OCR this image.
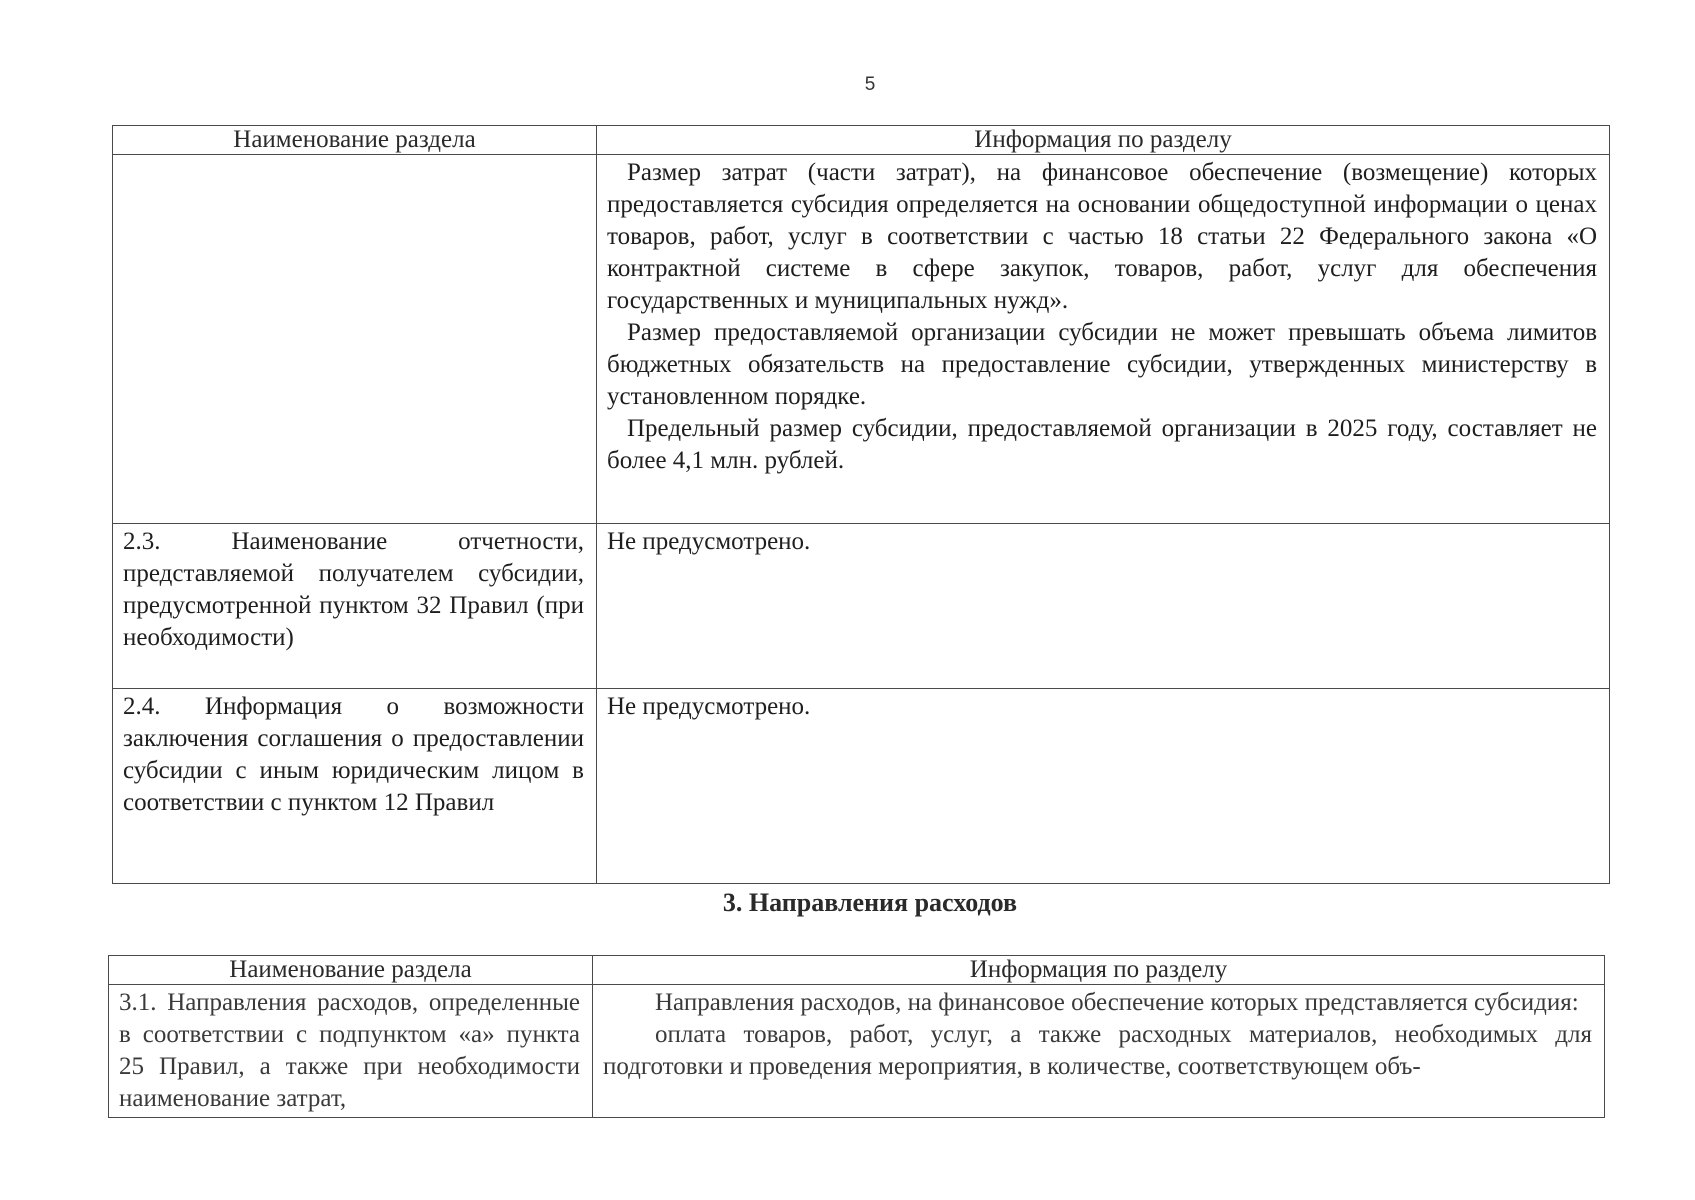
5
Наименование раздела	Информация по разделу

	Размер затрат (части затрат), на финансовое обеспечение (возмещение) которых предоставляется субсидия определяется на основании общедоступной информации о ценах товаров, работ, услуг в соответствии с частью 18 статьи 22 Федерального закона «О контрактной системе в сфере закупок, товаров, работ, услуг для обеспечения государственных и муниципальных нужд».

Размер предоставляемой организации субсидии не может превышать объема лимитов бюджетных обязательств на предоставление субсидии, утвержденных министерству в установленном порядке.

Предельный размер субсидии, предоставляемой организации в 2025 году, составляет не более 4,1 млн. рублей.

2.3. Наименование отчетности, представляемой получателем субсидии, предусмотренной пунктом 32 Правил (при необходимости)	Не предусмотрено.
2.4. Информация о возможности заключения соглашения о предоставлении субсидии с иным юридическим лицом в соответствии с пунктом 12 Правил	Не предусмотрено.
3. Направления расходов
Наименование раздела	Информация по разделу
3.1. Направления расходов, определенные в соответствии с подпунктом «а» пункта 25 Правил, а также при необходимости наименование затрат,	Направления расходов, на финансовое обеспечение которых представляется субсидия:

оплата товаров, работ, услуг, а также расходных материалов, необходимых для подготовки и проведения мероприятия, в количестве, соответствующем объ-
